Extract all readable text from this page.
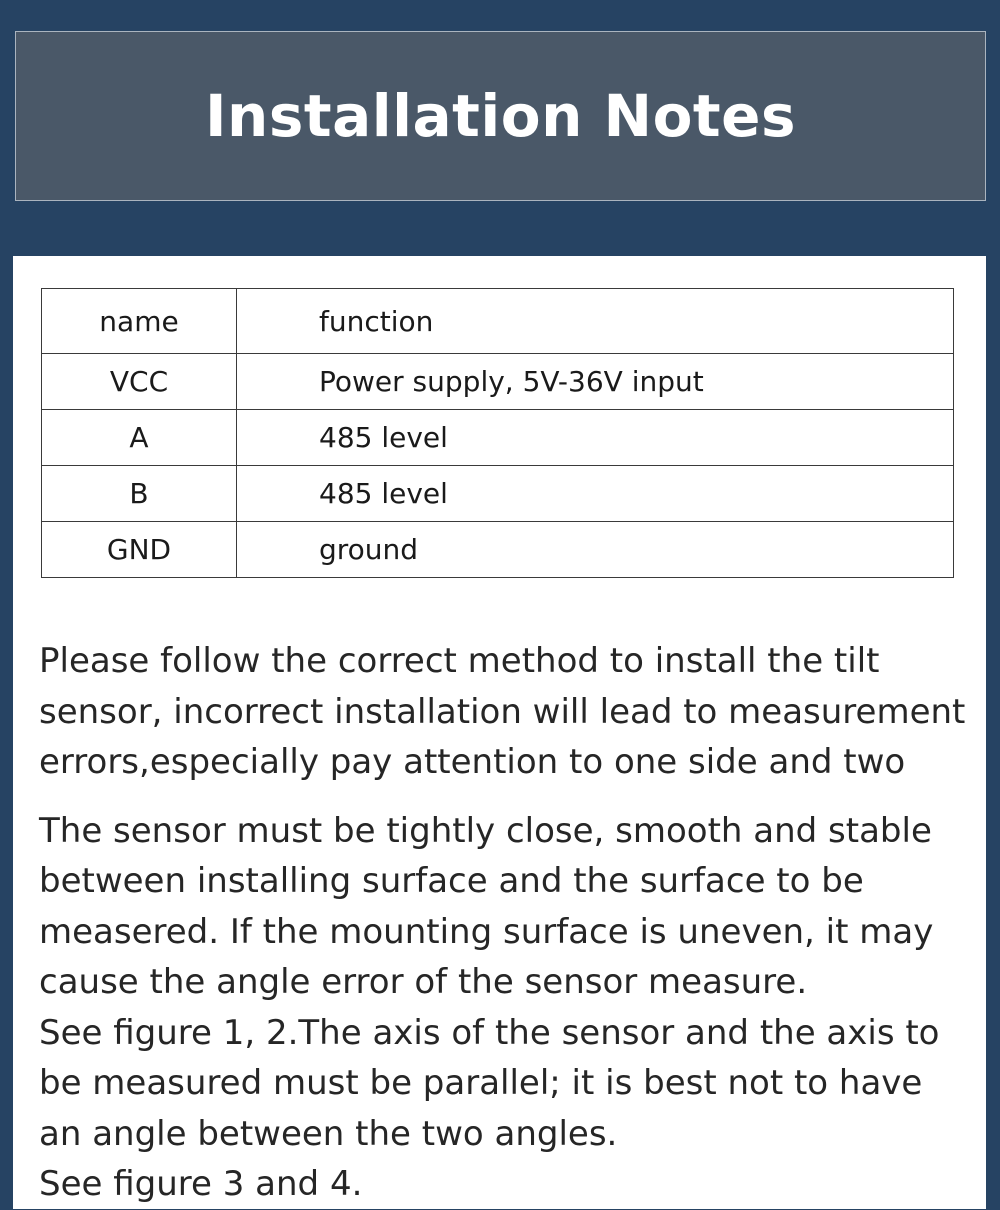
Installation Notes
name	function
VCC	Power supply, 5V-36V input
A	485 level
B	485 level
GND	ground

Please follow the correct method to install the tilt
sensor, incorrect installation will lead to measurement
errors,especially pay attention to one side and two

The sensor must be tightly close, smooth and stable
between installing surface and the surface to be
measered. If the mounting surface is uneven, it may
cause the angle error of the sensor measure.
See figure 1, 2.The axis of the sensor and the axis to
be measured must be parallel; it is best not to have
an angle between the two angles.
See figure 3 and 4.
